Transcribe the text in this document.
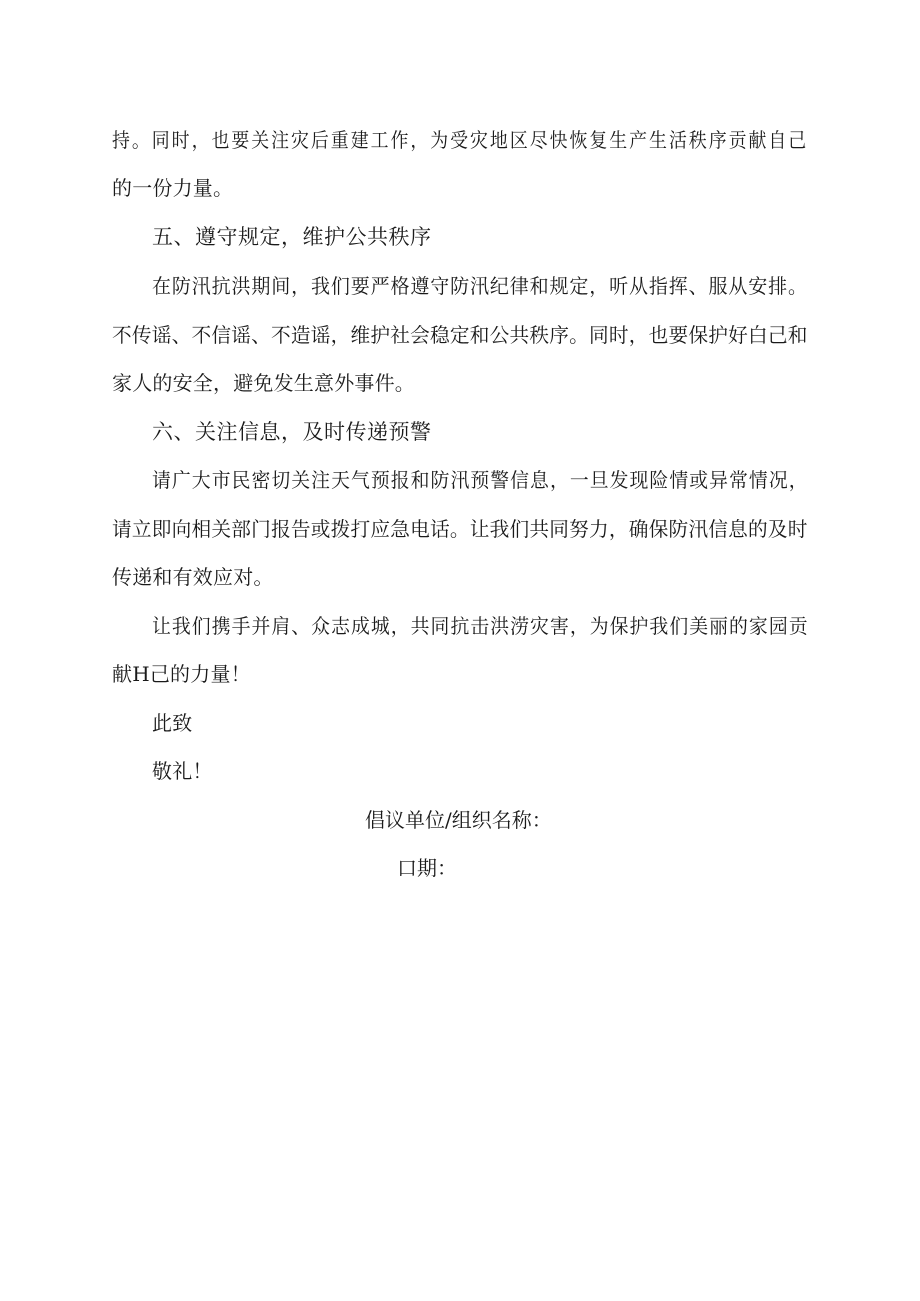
持。同时，也要关注灾后重建工作，为受灾地区尽快恢复生产生活秩序贡献自己
的一份力量。
五、遵守规定，维护公共秩序
在防汛抗洪期间，我们要严格遵守防汛纪律和规定，听从指挥、服从安排。
不传谣、不信谣、不造谣，维护社会稳定和公共秩序。同时，也要保护好白己和
家人的安全，避免发生意外事件。
六、关注信息，及时传递预警
请广大市民密切关注天气预报和防汛预警信息，一旦发现险情或异常情况，
请立即向相关部门报告或拨打应急电话。让我们共同努力，确保防汛信息的及时
传递和有效应对。
让我们携手并肩、众志成城，共同抗击洪涝灾害，为保护我们美丽的家园贡
献H己的力量！
此致
敬礼！
倡议单位/组织名称：
口期：
